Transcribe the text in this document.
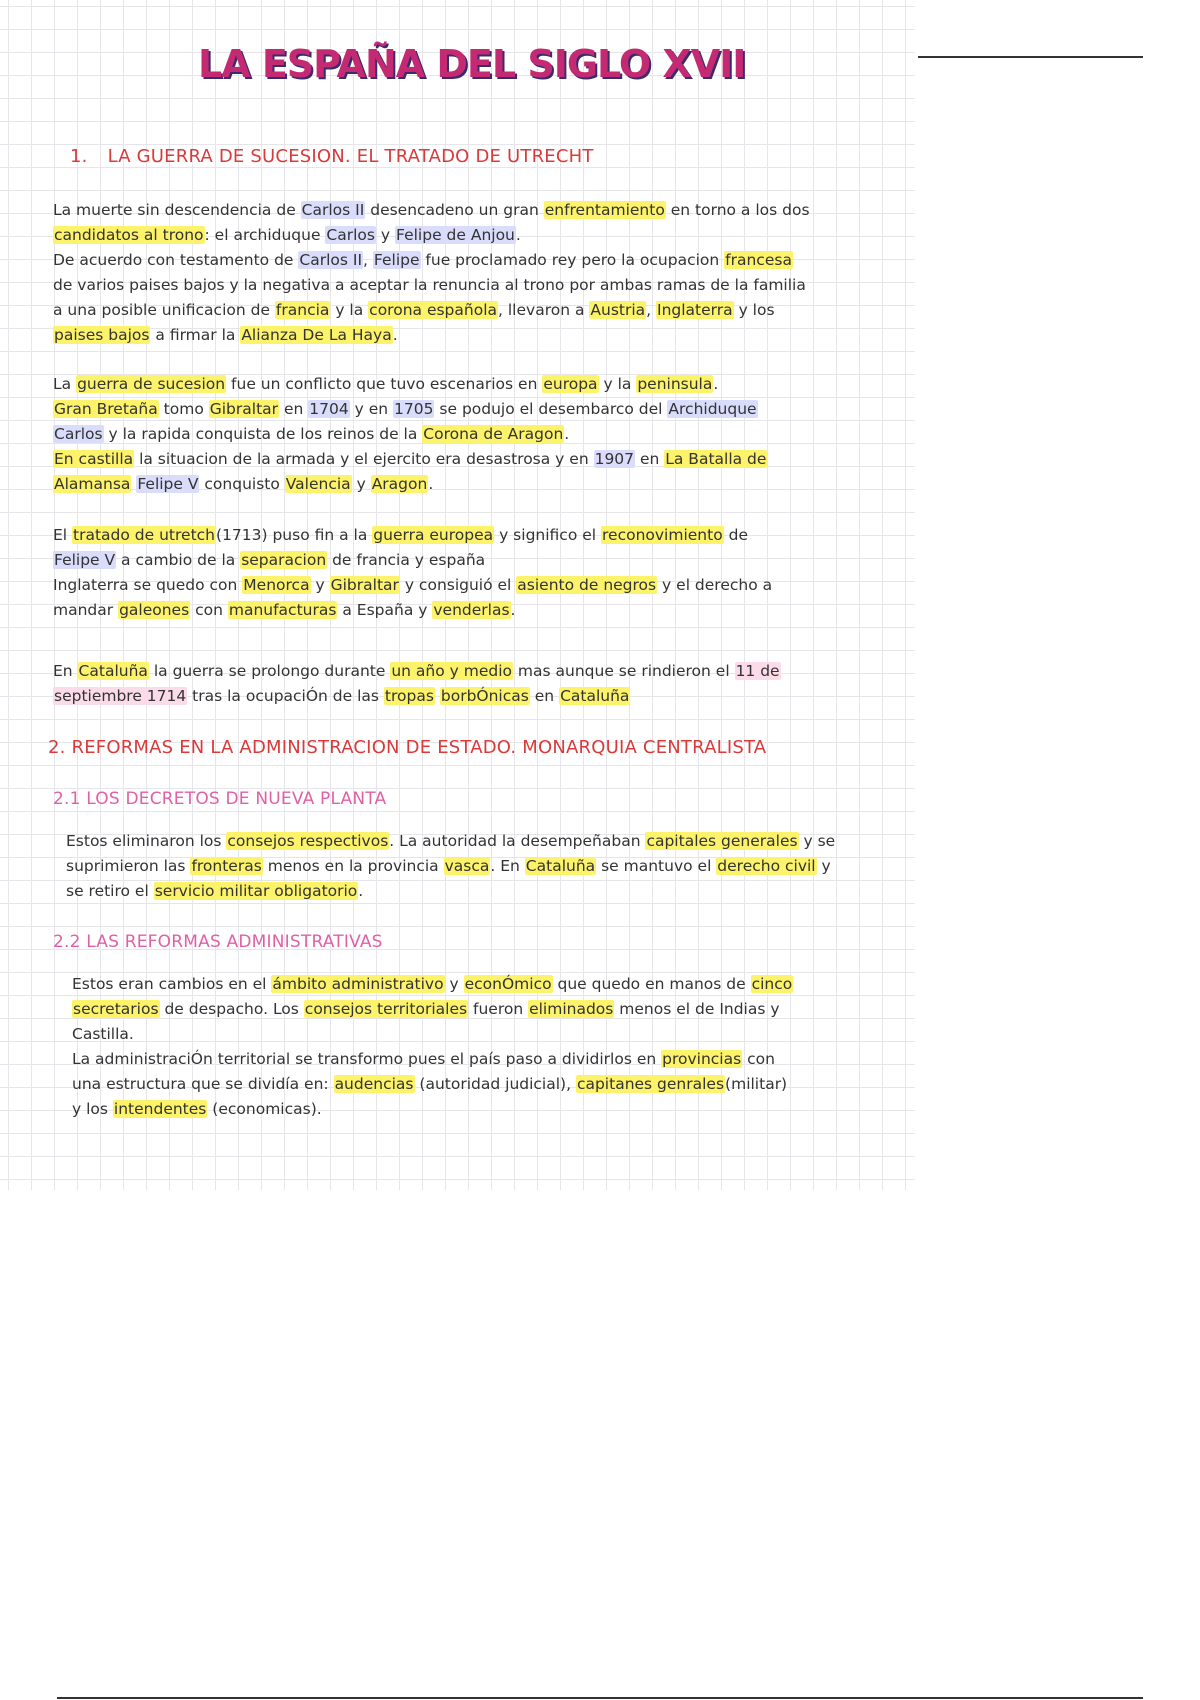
LA ESPAÑA DEL SIGLO XVII
1. LA GUERRA DE SUCESION. EL TRATADO DE UTRECHT
La muerte sin descendencia de Carlos II desencadeno un gran enfrentamiento en torno a los dos
candidatos al trono: el archiduque Carlos y Felipe de Anjou.
De acuerdo con testamento de Carlos II, Felipe fue proclamado rey pero la ocupacion francesa
de varios paises bajos y la negativa a aceptar la renuncia al trono por ambas ramas de la familia
a una posible unificacion de francia y la corona española, llevaron a Austria, Inglaterra y los
paises bajos a firmar la Alianza De La Haya.
La guerra de sucesion fue un conflicto que tuvo escenarios en europa y la peninsula.
Gran Bretaña tomo Gibraltar en 1704 y en 1705 se podujo el desembarco del Archiduque
Carlos y la rapida conquista de los reinos de la Corona de Aragon.
En castilla la situacion de la armada y el ejercito era desastrosa y en 1907 en La Batalla de
Alamansa Felipe V conquisto Valencia y Aragon.
El tratado de utretch(1713) puso fin a la guerra europea y significo el reconovimiento de
Felipe V a cambio de la separacion de francia y españa
Inglaterra se quedo con Menorca y Gibraltar y consiguió el asiento de negros y el derecho a
mandar galeones con manufacturas a España y venderlas.
En Cataluña la guerra se prolongo durante un año y medio mas aunque se rindieron el 11 de
septiembre 1714 tras la ocupaciÓn de las tropas borbÓnicas en Cataluña
2. REFORMAS EN LA ADMINISTRACION DE ESTADO. MONARQUIA CENTRALISTA
2.1 LOS DECRETOS DE NUEVA PLANTA
Estos eliminaron los consejos respectivos. La autoridad la desempeñaban capitales generales y se
suprimieron las fronteras menos en la provincia vasca. En Cataluña se mantuvo el derecho civil y
se retiro el servicio militar obligatorio.
2.2 LAS REFORMAS ADMINISTRATIVAS
Estos eran cambios en el ámbito administrativo y econÓmico que quedo en manos de cinco
secretarios de despacho. Los consejos territoriales fueron eliminados menos el de Indias y
Castilla.
La administraciÓn territorial se transformo pues el país paso a dividirlos en provincias con
una estructura que se dividía en: audencias (autoridad judicial), capitanes genrales(militar)
y los intendentes (economicas).
